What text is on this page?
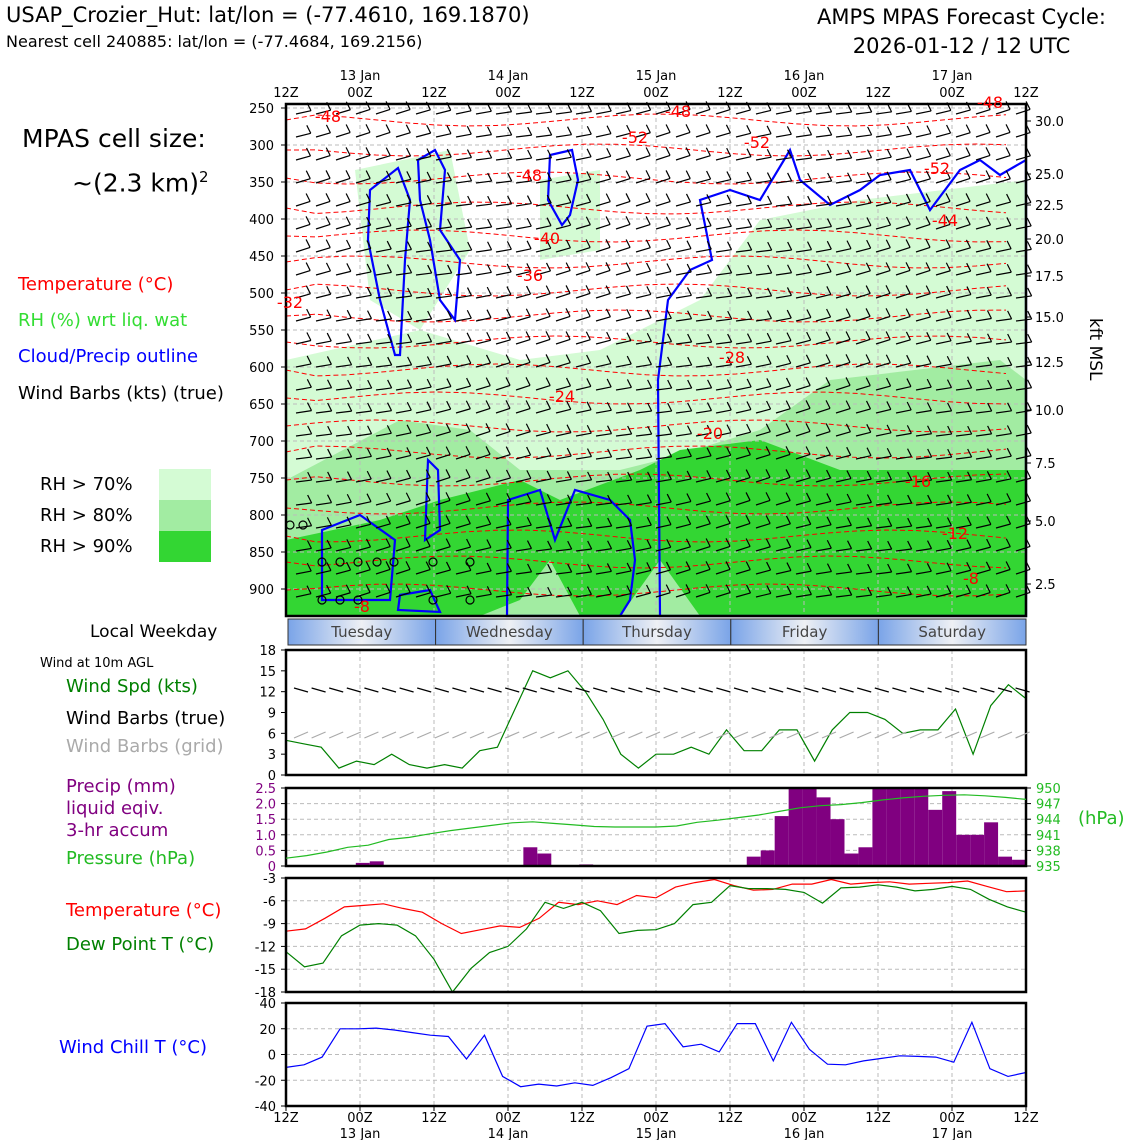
USAP_Crozier_Hut: lat/lon = (-77.4610, 169.1870)
Nearest cell 240885: lat/lon = (-77.4684, 169.2156)
AMPS MPAS Forecast Cycle:
2026-01-12 / 12 UTC
MPAS cell size:
~(2.3 km)$^2$
Temperature (°C)
RH (%) wrt liq. wat
Cloud/Precip outline
Wind Barbs (kts) (true)
RH > 70%
RH > 80%
RH > 90%
Local Weekday
Wind at 10m AGL
Wind Spd (kts)
Wind Barbs (true)
Wind Barbs (grid)
Precip (mm)
liquid eqiv.
3-hr accum
Pressure (hPa)
(hPa)
Temperature (°C)
Dew Point T (°C)
Wind Chill T (°C)
kft MSL
-48
-52
-48
-52
-48
-52
-48
-40
-44
-36
-32
-28
-24
-20
-16
-12
-8
-8
250
300
350
400
450
500
550
600
650
700
750
800
850
900
30.0
25.0
22.5
20.0
17.5
15.0
12.5
10.0
7.5
5.0
2.5
12Z	00Z	12Z	00Z	12Z	00Z	12Z	00Z	12Z	00Z	12Z
13 Jan	14 Jan	15 Jan	16 Jan	17 Jan
Tuesday	Wednesday	Thursday	Friday	Saturday
0
3
6
9
12
15
18
0
0.5
1.0
1.5
2.0
2.5
935
938
941
944
947
950
-3
-6
-9
-12
-15
-18
40
20
0
-20
-40
12Z	00Z	12Z	00Z	12Z	00Z	12Z	00Z	12Z	00Z	12Z
13 Jan	14 Jan	15 Jan	16 Jan	17 Jan
